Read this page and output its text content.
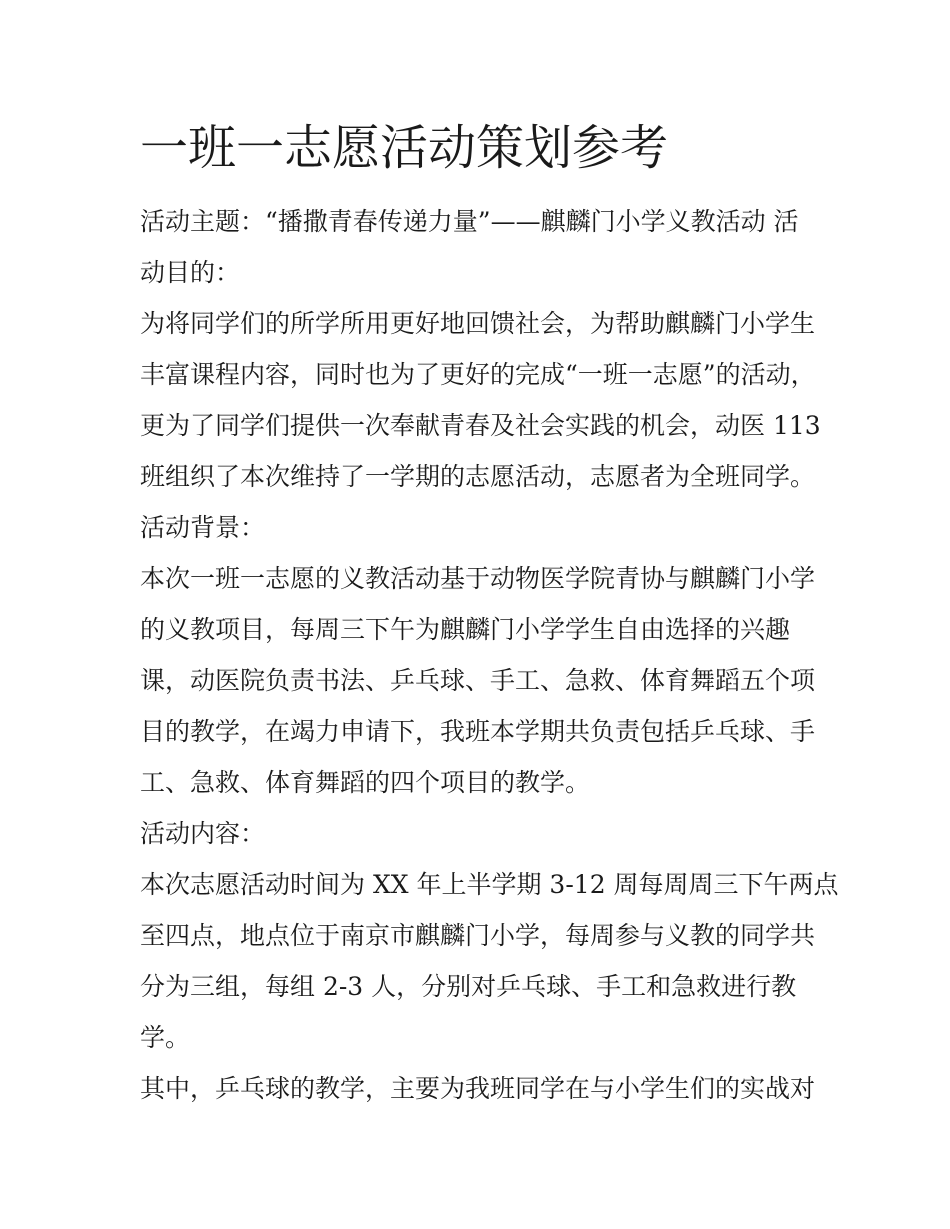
一班一志愿活动策划参考

活动主题：“播撒青春传递力量”——麒麟门小学义教活动 活

动目的：

为将同学们的所学所用更好地回馈社会，为帮助麒麟门小学生

丰富课程内容，同时也为了更好的完成“一班一志愿”的活动，

更为了同学们提供一次奉献青春及社会实践的机会，动医 113

班组织了本次维持了一学期的志愿活动，志愿者为全班同学。

活动背景：

本次一班一志愿的义教活动基于动物医学院青协与麒麟门小学

的义教项目，每周三下午为麒麟门小学学生自由选择的兴趣

课，动医院负责书法、乒乓球、手工、急救、体育舞蹈五个项

目的教学，在竭力申请下，我班本学期共负责包括乒乓球、手

工、急救、体育舞蹈的四个项目的教学。

活动内容：

本次志愿活动时间为 XX 年上半学期 3-12 周每周周三下午两点

至四点，地点位于南京市麒麟门小学，每周参与义教的同学共

分为三组，每组 2-3 人，分别对乒乓球、手工和急救进行教

学。

其中，乒乓球的教学，主要为我班同学在与小学生们的实战对
